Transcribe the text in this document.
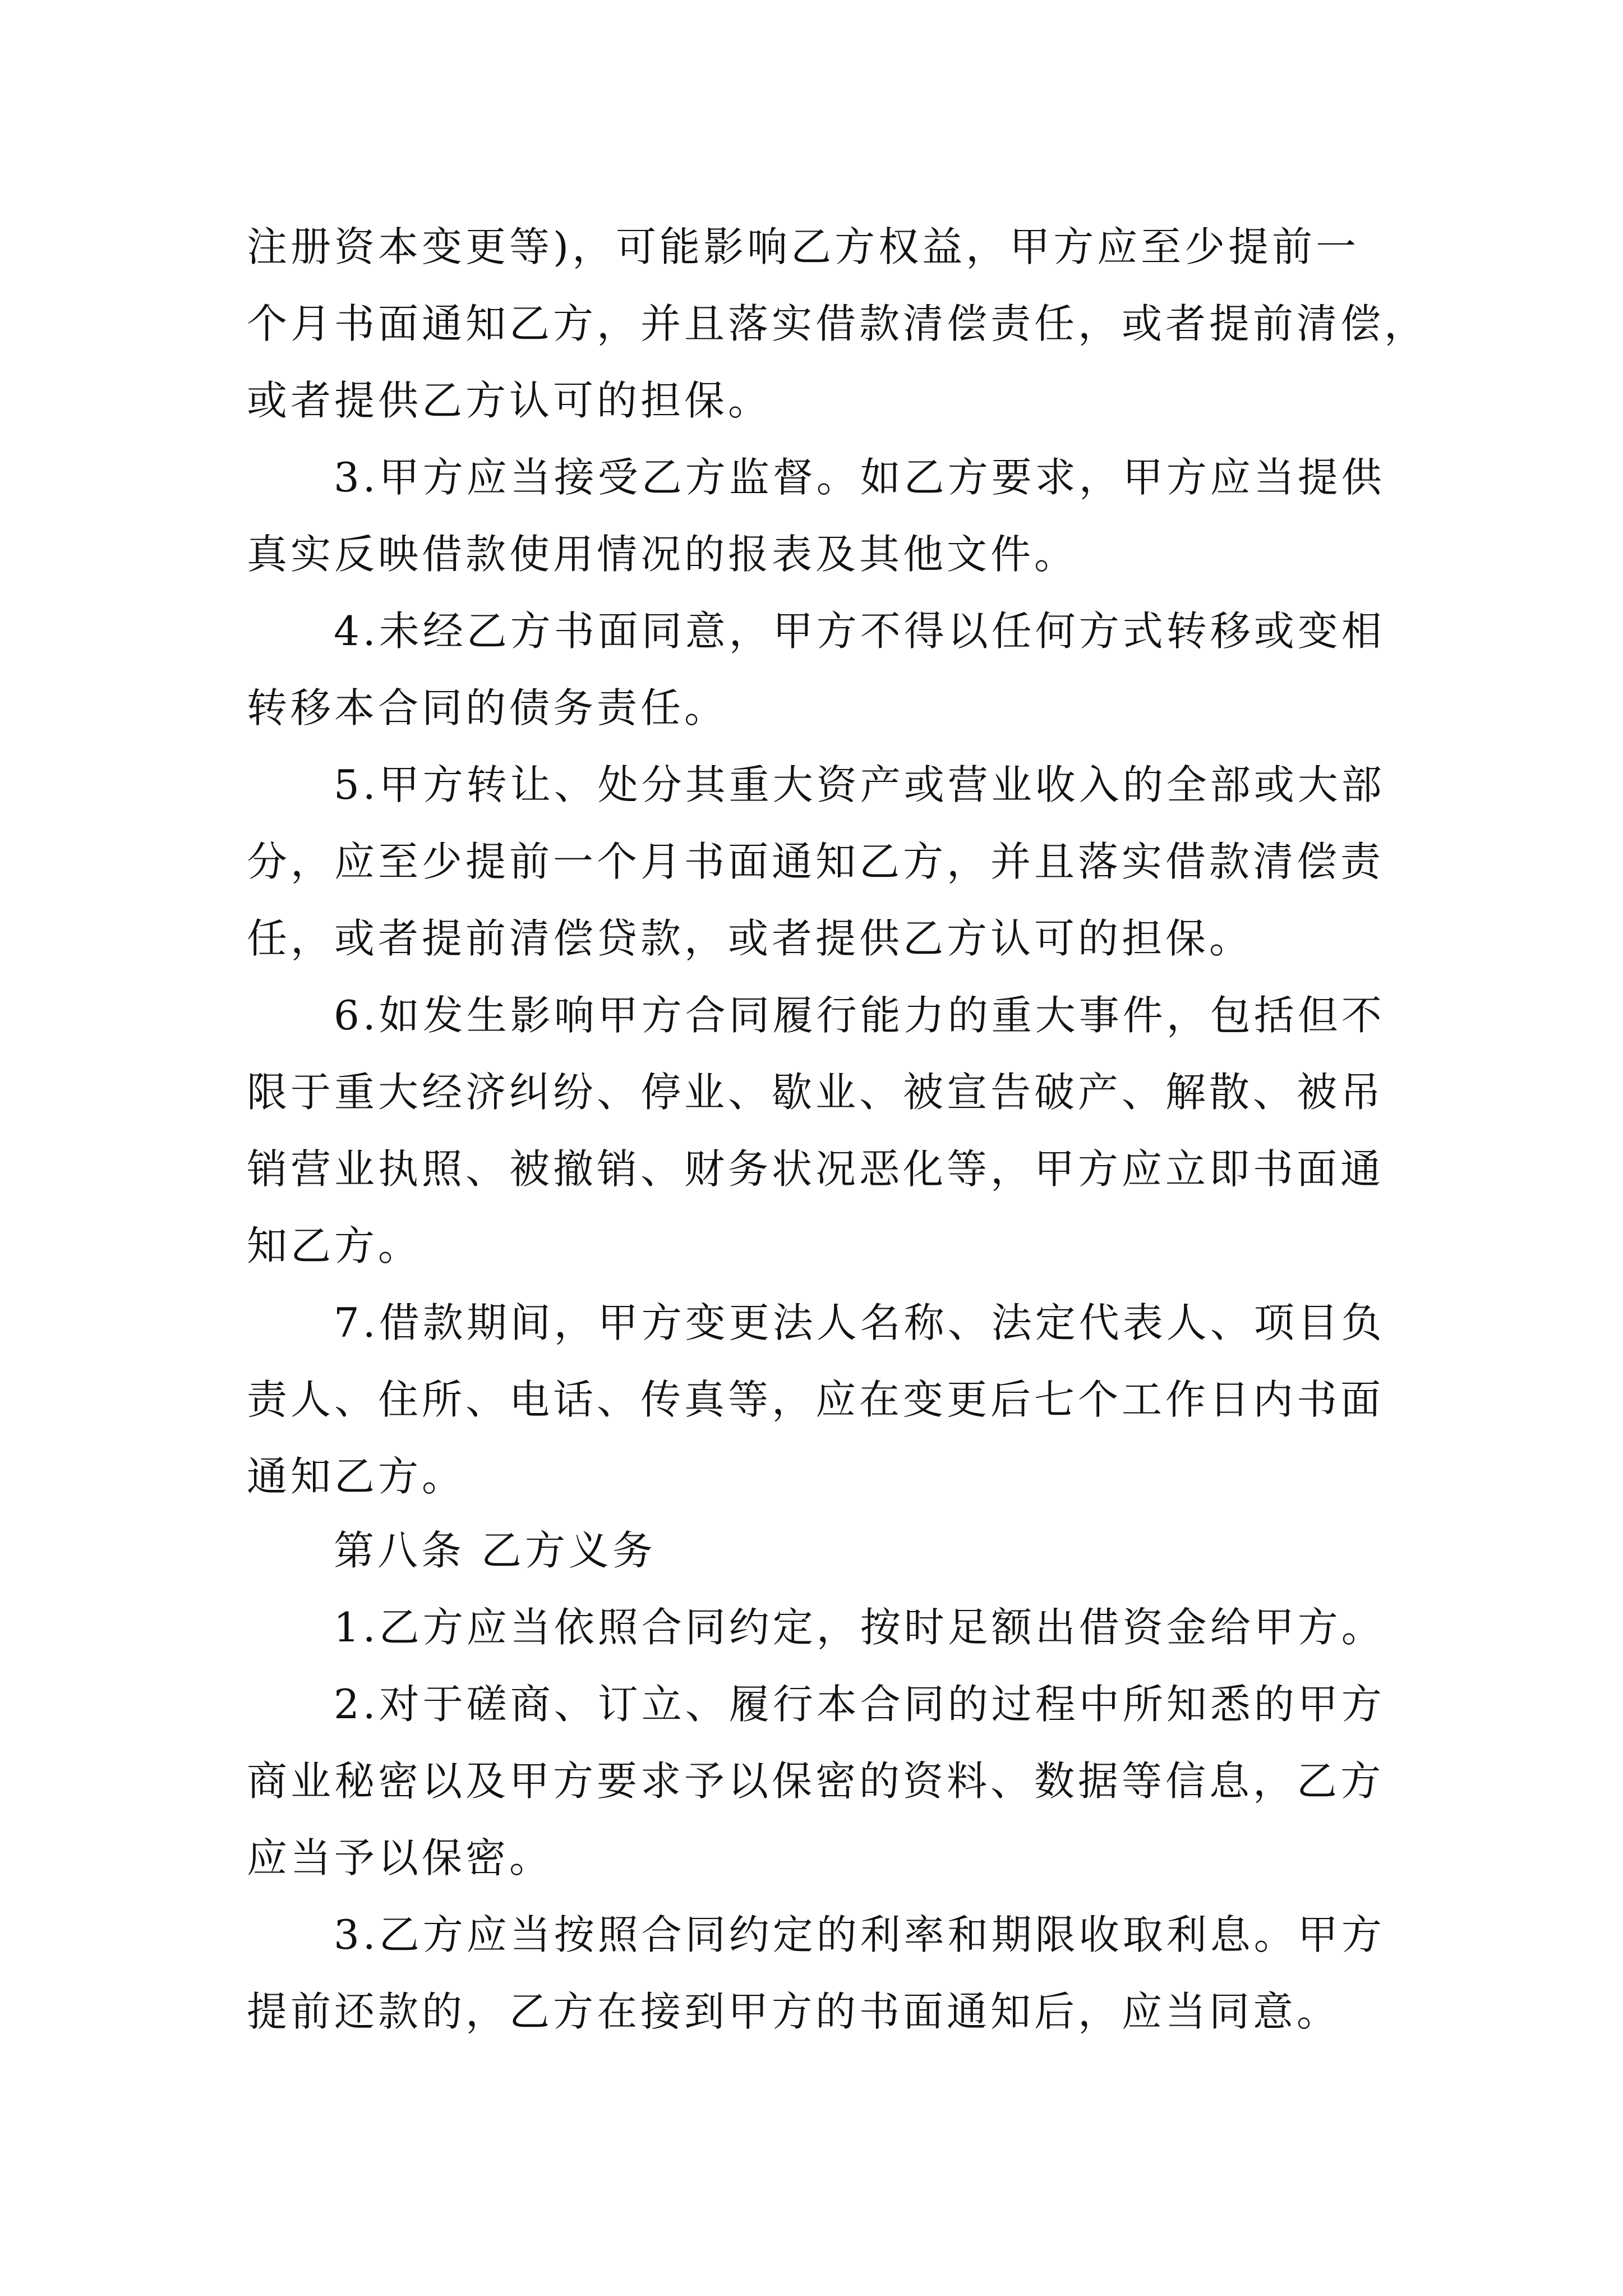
注册资本变更等)，可能影响乙方权益，甲方应至少提前一
个月书面通知乙方，并且落实借款清偿责任，或者提前清偿，
或者提供乙方认可的担保。
3.甲方应当接受乙方监督。如乙方要求，甲方应当提供
真实反映借款使用情况的报表及其他文件。
4.未经乙方书面同意，甲方不得以任何方式转移或变相
转移本合同的债务责任。
5.甲方转让、处分其重大资产或营业收入的全部或大部
分，应至少提前一个月书面通知乙方，并且落实借款清偿责
任，或者提前清偿贷款，或者提供乙方认可的担保。
6.如发生影响甲方合同履行能力的重大事件，包括但不
限于重大经济纠纷、停业、歇业、被宣告破产、解散、被吊
销营业执照、被撤销、财务状况恶化等，甲方应立即书面通
知乙方。
7.借款期间，甲方变更法人名称、法定代表人、项目负
责人、住所、电话、传真等，应在变更后七个工作日内书面
通知乙方。
第八条 乙方义务
1.乙方应当依照合同约定，按时足额出借资金给甲方。
2.对于磋商、订立、履行本合同的过程中所知悉的甲方
商业秘密以及甲方要求予以保密的资料、数据等信息，乙方
应当予以保密。
3.乙方应当按照合同约定的利率和期限收取利息。甲方
提前还款的，乙方在接到甲方的书面通知后，应当同意。
